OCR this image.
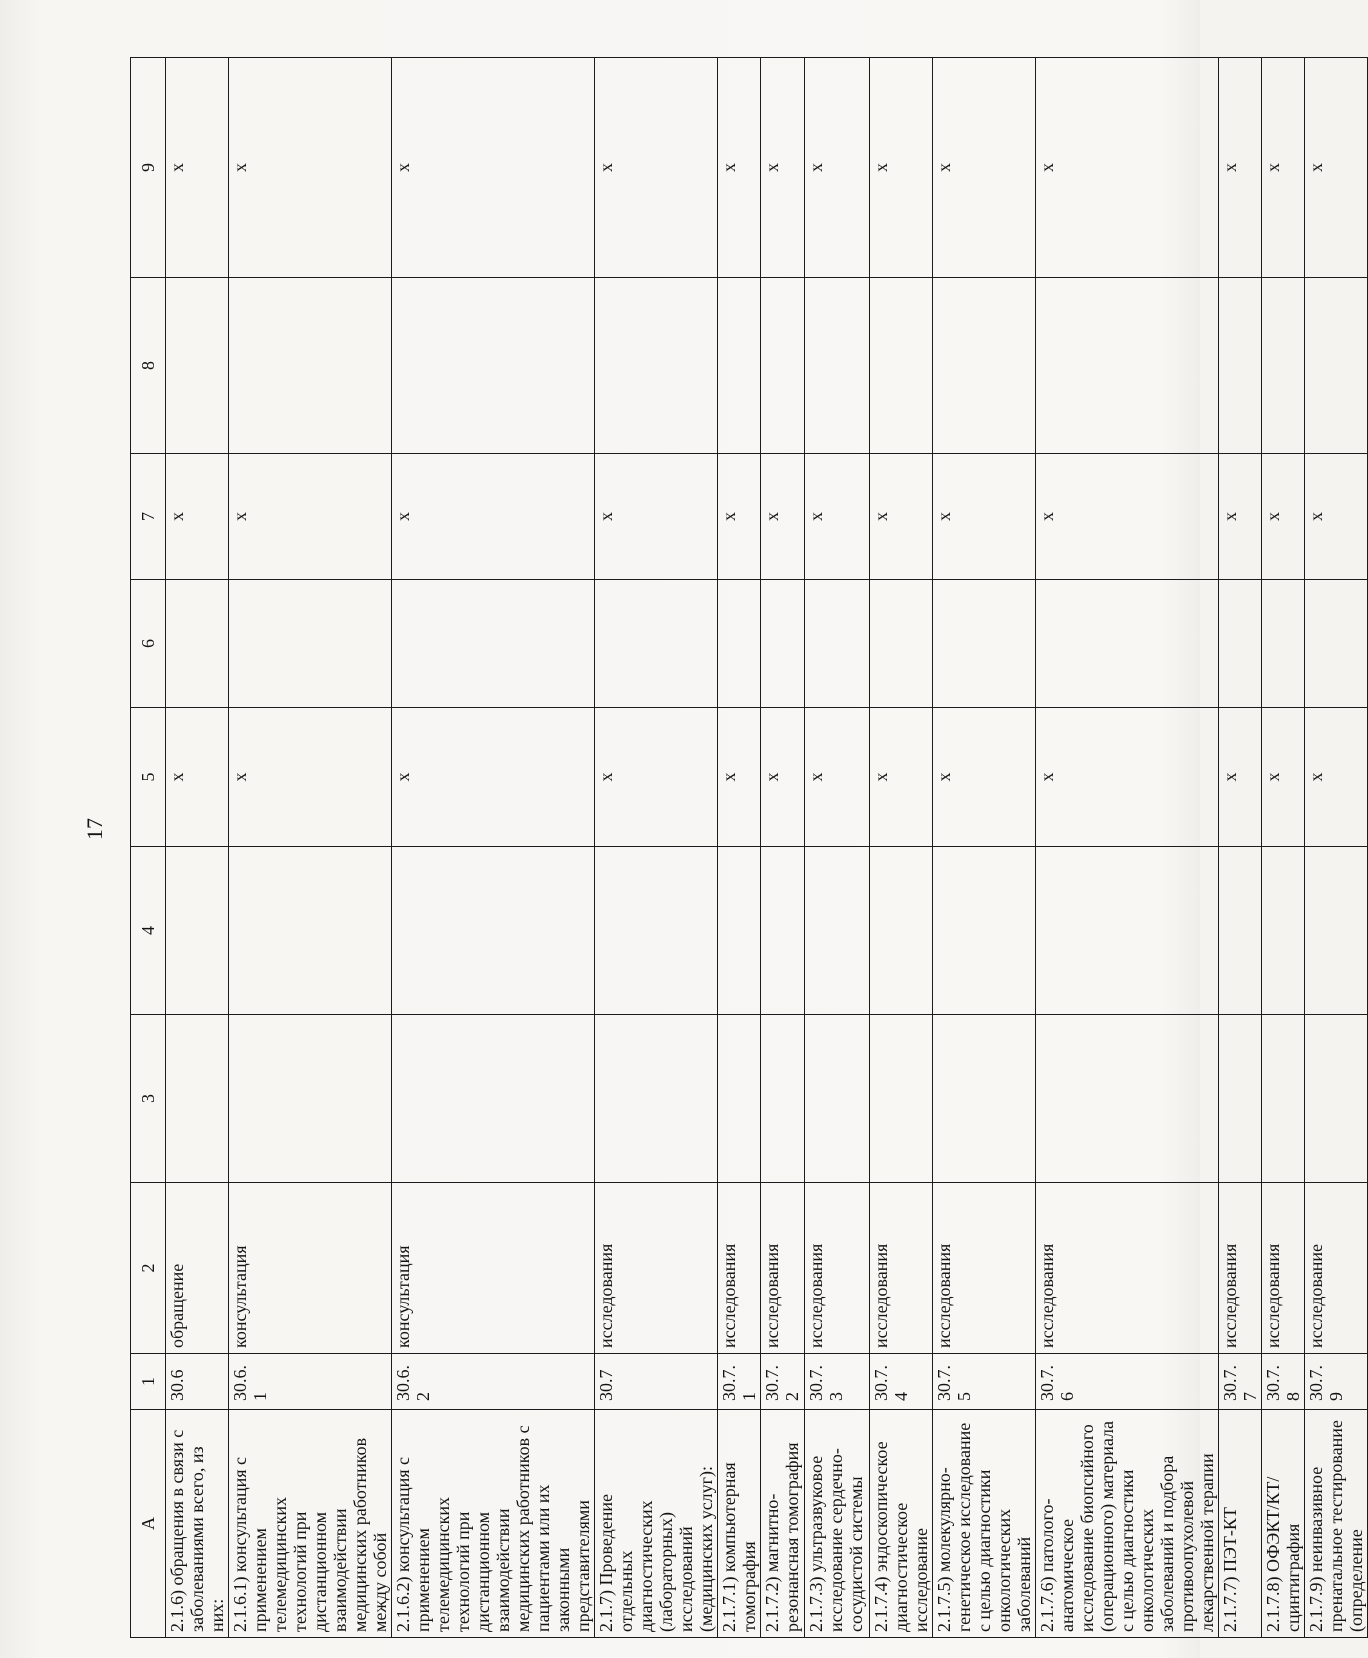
17
А	1	2	3	4	5	6	7	8	9
2.1.6) обращения в связи с заболеваниями всего, из них:	30.6	обращение			х		х		х
2.1.6.1) консультация с применением телемедицинских технологий при дистанционном взаимодействии медицинских работников между собой	30.6.1	консультация			х		х		х
2.1.6.2) консультация с применением телемедицинских технологий при дистанционном взаимодействии медицинских работников с пациентами или их законными представителями	30.6.2	консультация			х		х		х
2.1.7) Проведение отдельных диагностических (лабораторных) исследований (медицинских услуг):	30.7	исследования			х		х		х
2.1.7.1) компьютерная томография	30.7.1	исследования			х		х		х
2.1.7.2) магнитно-резонансная томография	30.7.2	исследования			х		х		х
2.1.7.3) ультразвуковое исследование сердечно-сосудистой системы	30.7.3	исследования			х		х		х
2.1.7.4) эндоскопическое диагностическое исследование	30.7.4	исследования			х		х		х
2.1.7.5) молекулярно-генетическое исследование с целью диагностики онкологических заболеваний	30.7.5	исследования			х		х		х
2.1.7.6) патолого-анатомическое исследование биопсийного (операционного) материала с целью диагностики онкологических заболеваний и подбора противоопухолевой лекарственной терапии	30.7.6	исследования			х		х		х
2.1.7.7) ПЭТ-КТ	30.7.7	исследования			х		х		х
2.1.7.8) ОФЭКТ/КТ/сцинтиграфия	30.7.8	исследования			х		х		х
2.1.7.9) неинвазивное пренатальное тестирование (определение	30.7.9	исследование			х		х		х
